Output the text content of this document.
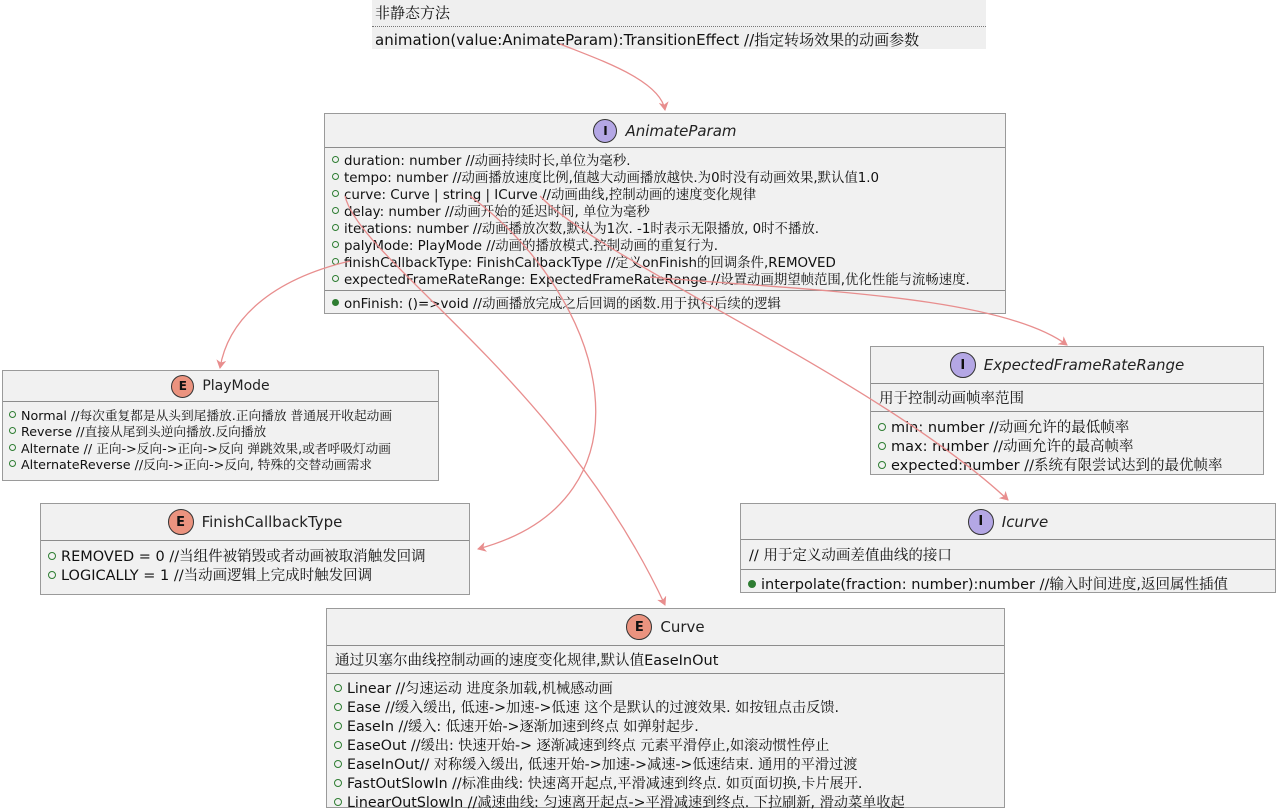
非静态方法
animation(value:AnimateParam):TransitionEffect //指定转场效果的动画参数
I	AnimateParam
duration: number //动画持续时长,单位为毫秒.
tempo: number //动画播放速度比例,值越大动画播放越快.为0时没有动画效果,默认值1.0
curve: Curve | string | ICurve //动画曲线,控制动画的速度变化规律
delay: number //动画开始的延迟时间, 单位为毫秒
iterations: number //动画播放次数,默认为1次. -1时表示无限播放, 0时不播放.
palyMode: PlayMode //动画的播放模式.控制动画的重复行为.
finishCallbackType: FinishCallbackType //定义onFinish的回调条件,REMOVED
expectedFrameRateRange: ExpectedFrameRateRange //设置动画期望帧范围,优化性能与流畅速度.
onFinish: ()=>void //动画播放完成之后回调的函数.用于执行后续的逻辑
E	PlayMode
Normal //每次重复都是从头到尾播放.正向播放 普通展开收起动画
Reverse //直接从尾到头逆向播放.反向播放
Alternate // 正向->反向->正向->反向 弹跳效果,或者呼吸灯动画
AlternateReverse //反向->正向->反向, 特殊的交替动画需求
E	FinishCallbackType
REMOVED = 0 //当组件被销毁或者动画被取消触发回调
LOGICALLY = 1 //当动画逻辑上完成时触发回调
I	ExpectedFrameRateRange
用于控制动画帧率范围
min: number //动画允许的最低帧率
max: number //动画允许的最高帧率
expected:number //系统有限尝试达到的最优帧率
I	Icurve
// 用于定义动画差值曲线的接口
interpolate(fraction: number):number //输入时间进度,返回属性插值
E	Curve
通过贝塞尔曲线控制动画的速度变化规律,默认值EaseInOut
Linear //匀速运动 进度条加载,机械感动画
Ease //缓入缓出, 低速->加速->低速 这个是默认的过渡效果. 如按钮点击反馈.
EaseIn //缓入: 低速开始->逐渐加速到终点 如弹射起步.
EaseOut //缓出: 快速开始-> 逐渐减速到终点 元素平滑停止,如滚动惯性停止
EaseInOut// 对称缓入缓出, 低速开始->加速->减速->低速结束. 通用的平滑过渡
FastOutSlowIn //标准曲线: 快速离开起点,平滑减速到终点. 如页面切换,卡片展开.
LinearOutSlowIn //减速曲线: 匀速离开起点->平滑减速到终点. 下拉刷新, 滑动菜单收起
